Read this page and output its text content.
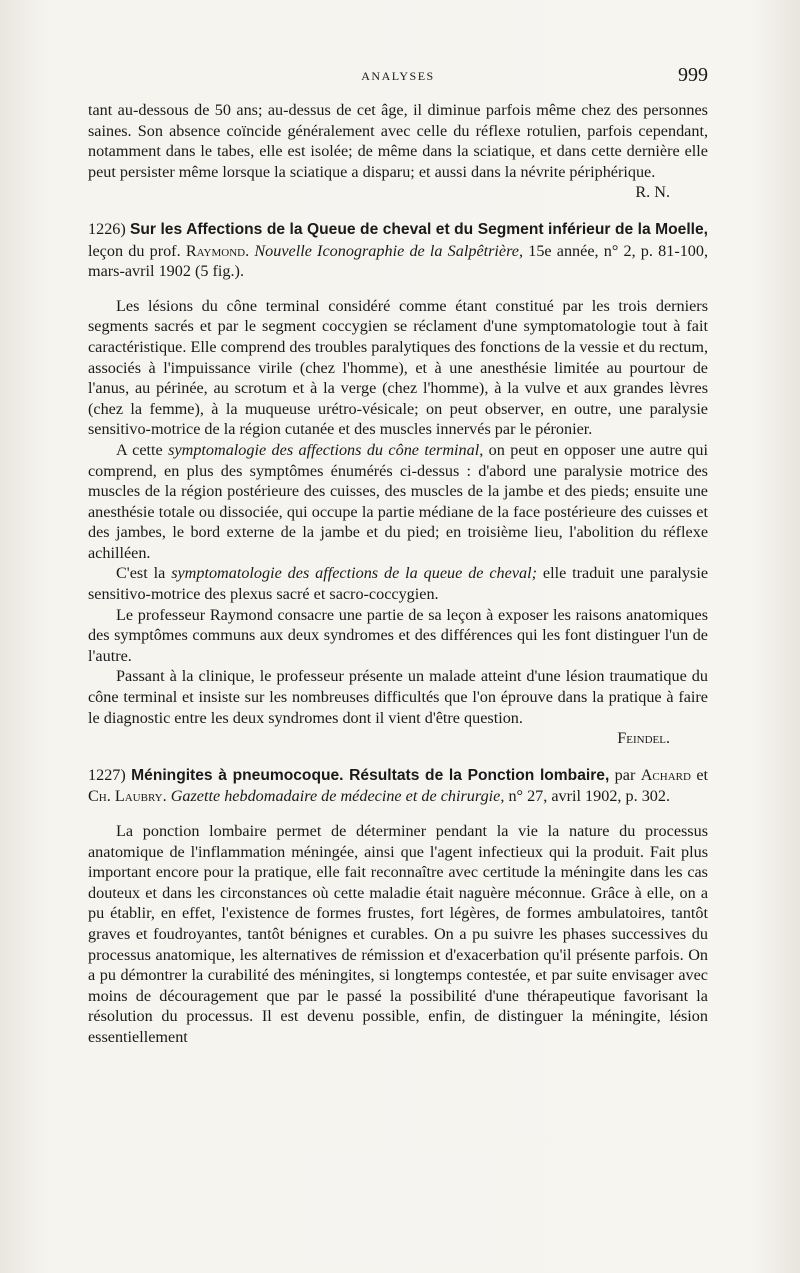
ANALYSES	999

tant au-dessous de 50 ans; au-dessus de cet âge, il diminue parfois même chez des personnes saines. Son absence coïncide généralement avec celle du réflexe rotulien, parfois cependant, notamment dans le tabes, elle est isolée; de même dans la sciatique, et dans cette dernière elle peut persister même lorsque la sciatique a disparu; et aussi dans la névrite périphérique.

R. N.

1226) Sur les Affections de la Queue de cheval et du Segment inférieur de la Moelle, leçon du prof. Raymond. Nouvelle Iconographie de la Salpêtrière, 15e année, n° 2, p. 81-100, mars-avril 1902 (5 fig.).

Les lésions du cône terminal considéré comme étant constitué par les trois derniers segments sacrés et par le segment coccygien se réclament d'une symptomatologie tout à fait caractéristique. Elle comprend des troubles paralytiques des fonctions de la vessie et du rectum, associés à l'impuissance virile (chez l'homme), et à une anesthésie limitée au pourtour de l'anus, au périnée, au scrotum et à la verge (chez l'homme), à la vulve et aux grandes lèvres (chez la femme), à la muqueuse urétro-vésicale; on peut observer, en outre, une paralysie sensitivo-motrice de la région cutanée et des muscles innervés par le péronier.

A cette symptomalogie des affections du cône terminal, on peut en opposer une autre qui comprend, en plus des symptômes énumérés ci-dessus : d'abord une paralysie motrice des muscles de la région postérieure des cuisses, des muscles de la jambe et des pieds; ensuite une anesthésie totale ou dissociée, qui occupe la partie médiane de la face postérieure des cuisses et des jambes, le bord externe de la jambe et du pied; en troisième lieu, l'abolition du réflexe achilléen.

C'est la symptomatologie des affections de la queue de cheval; elle traduit une paralysie sensitivo-motrice des plexus sacré et sacro-coccygien.

Le professeur Raymond consacre une partie de sa leçon à exposer les raisons anatomiques des symptômes communs aux deux syndromes et des différences qui les font distinguer l'un de l'autre.

Passant à la clinique, le professeur présente un malade atteint d'une lésion traumatique du cône terminal et insiste sur les nombreuses difficultés que l'on éprouve dans la pratique à faire le diagnostic entre les deux syndromes dont il vient d'être question.

Feindel.

1227) Méningites à pneumocoque. Résultats de la Ponction lombaire, par Achard et Ch. Laubry. Gazette hebdomadaire de médecine et de chirurgie, n° 27, avril 1902, p. 302.

La ponction lombaire permet de déterminer pendant la vie la nature du processus anatomique de l'inflammation méningée, ainsi que l'agent infectieux qui la produit. Fait plus important encore pour la pratique, elle fait reconnaître avec certitude la méningite dans les cas douteux et dans les circonstances où cette maladie était naguère méconnue. Grâce à elle, on a pu établir, en effet, l'existence de formes frustes, fort légères, de formes ambulatoires, tantôt graves et foudroyantes, tantôt bénignes et curables. On a pu suivre les phases successives du processus anatomique, les alternatives de rémission et d'exacerbation qu'il présente parfois. On a pu démontrer la curabilité des méningites, si longtemps contestée, et par suite envisager avec moins de découragement que par le passé la possibilité d'une thérapeutique favorisant la résolution du processus. Il est devenu possible, enfin, de distinguer la méningite, lésion essentiellement
